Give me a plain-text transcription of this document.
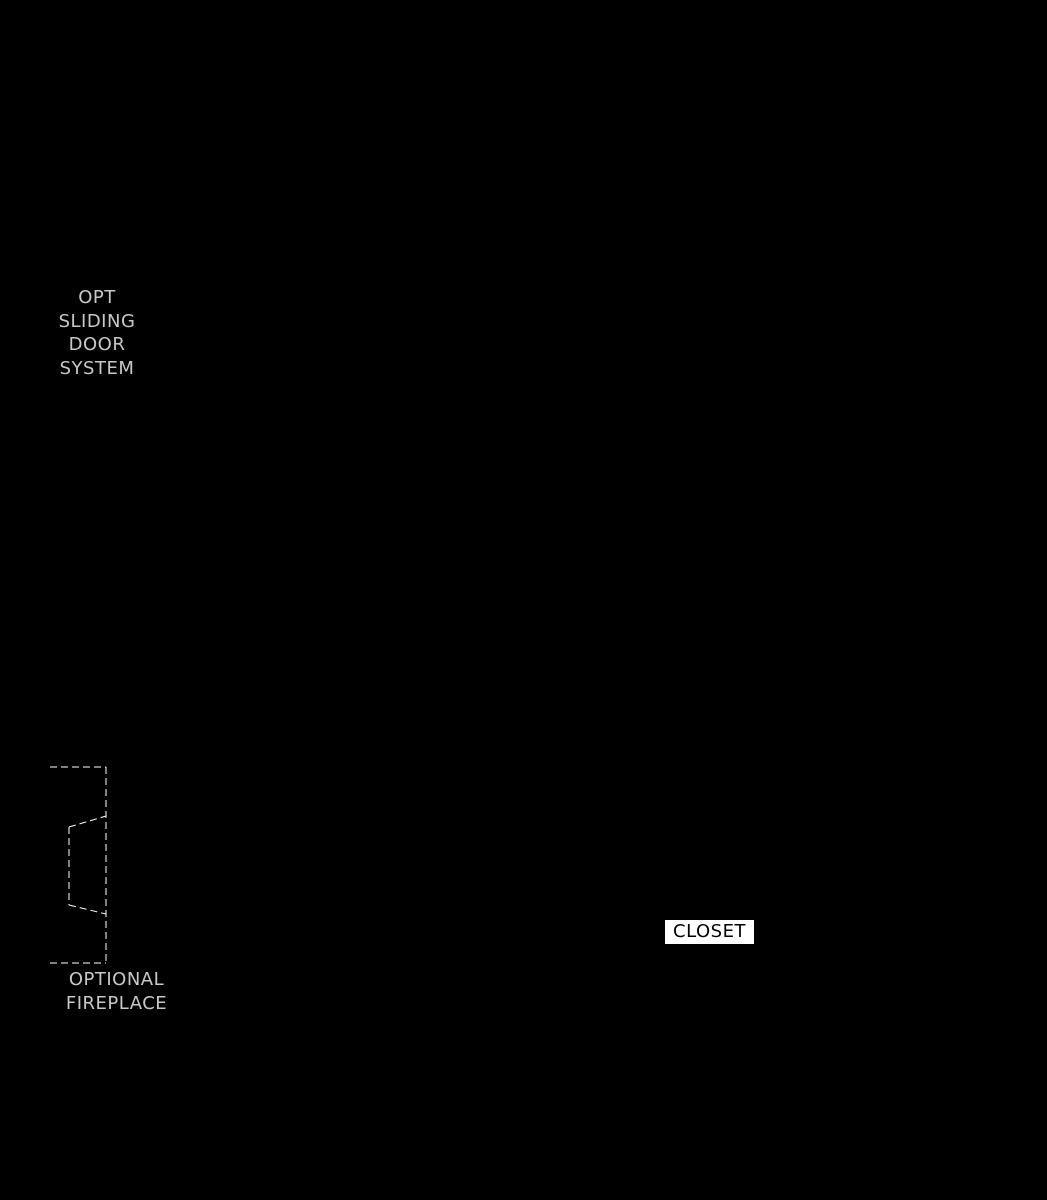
OPT
SLIDING
DOOR
SYSTEM
OPTIONAL
FIREPLACE
CLOSET
